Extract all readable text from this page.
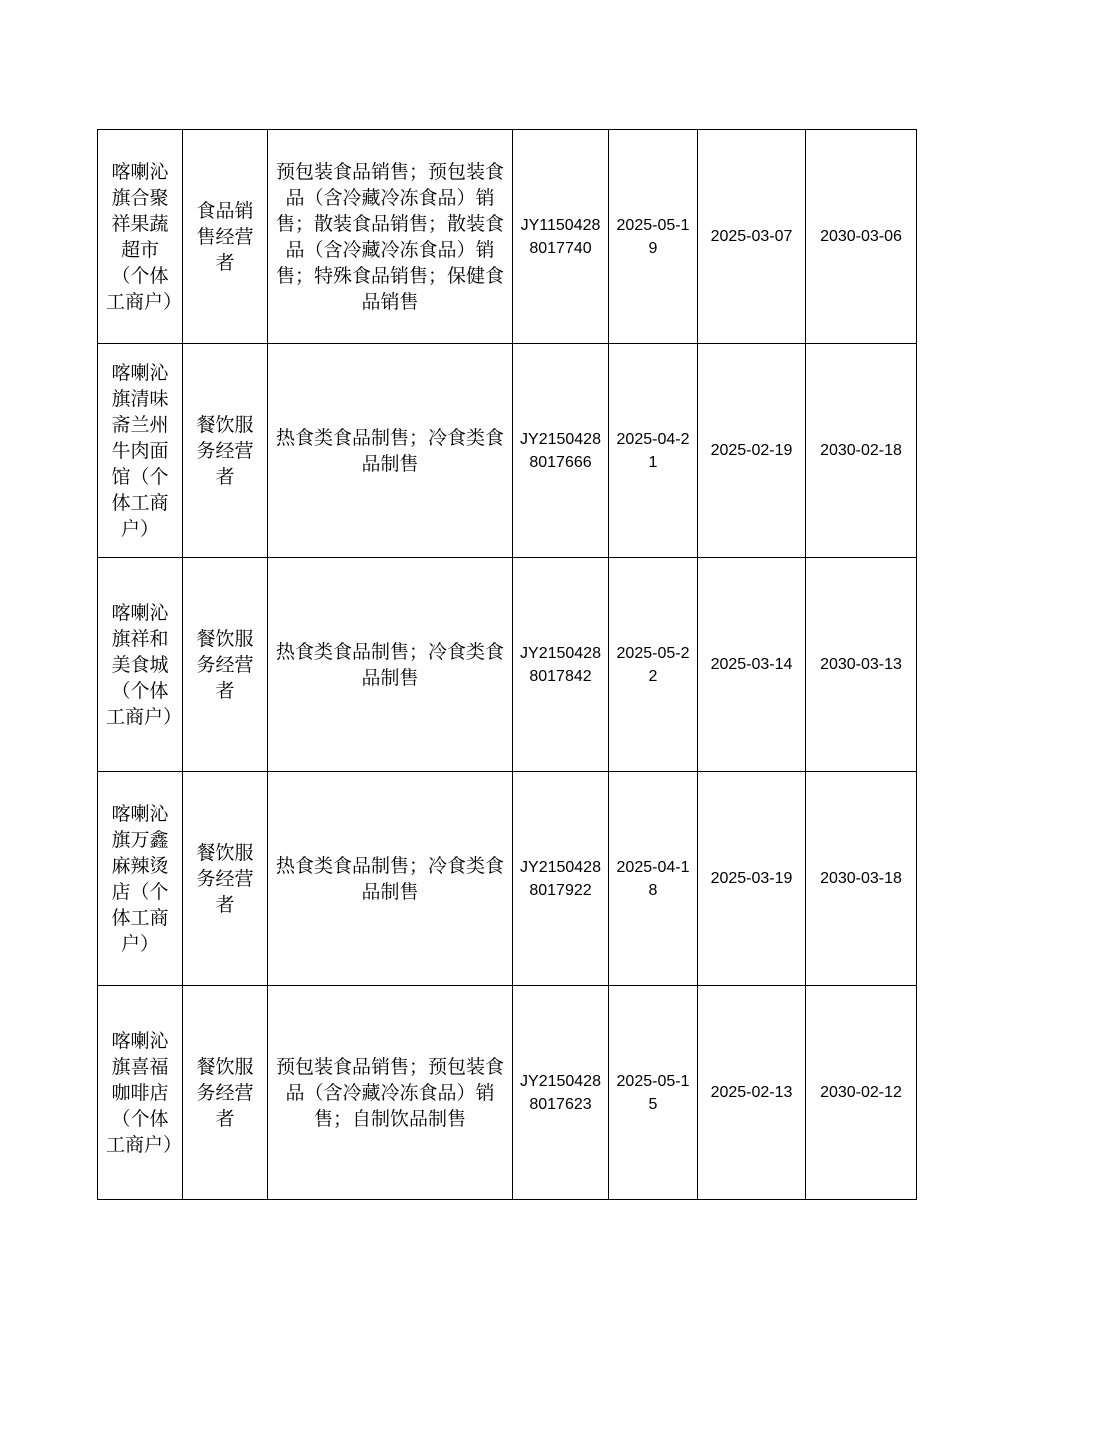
喀喇沁旗合聚祥果蔬超市（个体工商户）	食品销售经营者	预包装食品销售；预包装食品（含冷藏冷冻食品）销售；散装食品销售；散装食品（含冷藏冷冻食品）销售；特殊食品销售；保健食品销售	JY11504288017740	2025-05-19	2025-03-07	2030-03-06

喀喇沁旗清味斋兰州牛肉面馆（个体工商户）	餐饮服务经营者	热食类食品制售；冷食类食品制售	JY21504288017666	2025-04-21	2025-02-19	2030-02-18

喀喇沁旗祥和美食城（个体工商户）	餐饮服务经营者	热食类食品制售；冷食类食品制售	JY21504288017842	2025-05-22	2025-03-14	2030-03-13

喀喇沁旗万鑫麻辣烫店（个体工商户）	餐饮服务经营者	热食类食品制售；冷食类食品制售	JY21504288017922	2025-04-18	2025-03-19	2030-03-18

喀喇沁旗喜福咖啡店（个体工商户）	餐饮服务经营者	预包装食品销售；预包装食品（含冷藏冷冻食品）销售；自制饮品制售	JY21504288017623	2025-05-15	2025-02-13	2030-02-12
